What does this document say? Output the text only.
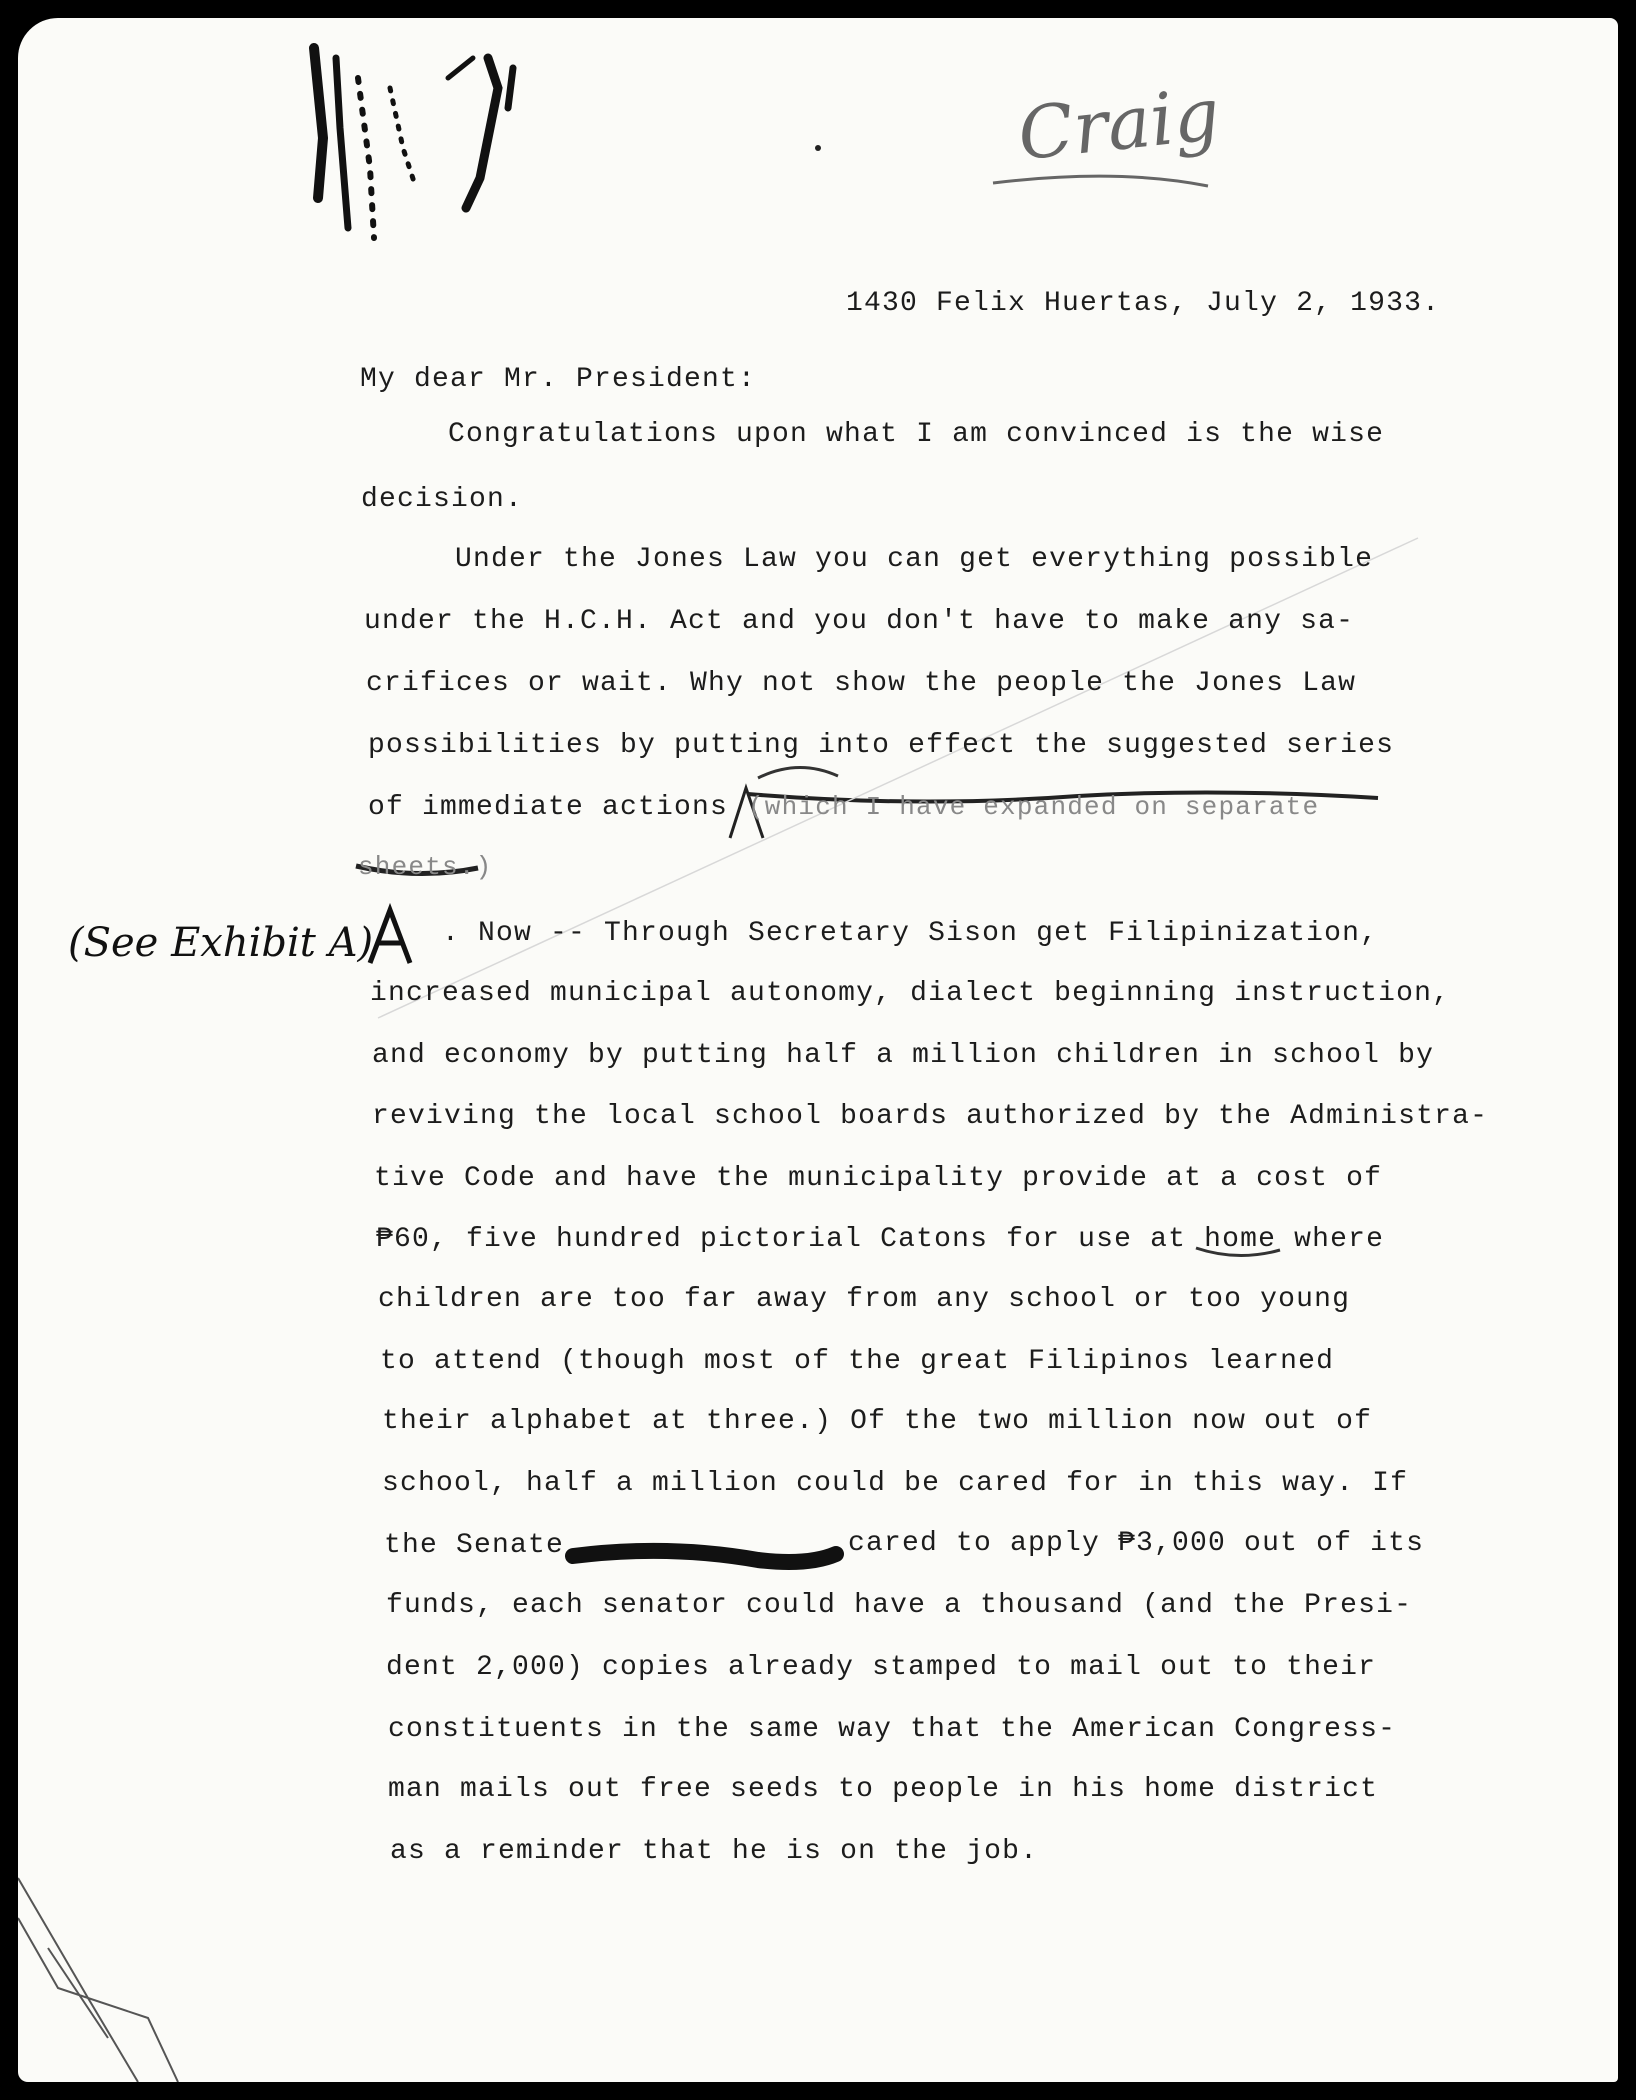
Craig

1430 Felix Huertas, July 2, 1933.

My dear Mr. President:

Congratulations upon what I am convinced is the wise

decision.

Under the Jones Law you can get everything possible

under the H.C.H. Act and you don't have to make any sa-

crifices or wait. Why not show the people the Jones Law

possibilities by putting into effect the suggested series

of immediate actions (which I have expanded on separate

sheets.)

(See Exhibit A) . Now -- Through Secretary Sison get Filipinization,

increased municipal autonomy, dialect beginning instruction,

and economy by putting half a million children in school by

reviving the local school boards authorized by the Administra-

tive Code and have the municipality provide at a cost of

₱60, five hundred pictorial Catons for use at home where

children are too far away from any school or too young

to attend (though most of the great Filipinos learned

their alphabet at three.) Of the two million now out of

school, half a million could be cared for in this way. If

the Senate	cared to apply ₱3,000 out of its

funds, each senator could have a thousand (and the Presi-

dent 2,000) copies already stamped to mail out to their

constituents in the same way that the American Congress-

man mails out free seeds to people in his home district

as a reminder that he is on the job.
